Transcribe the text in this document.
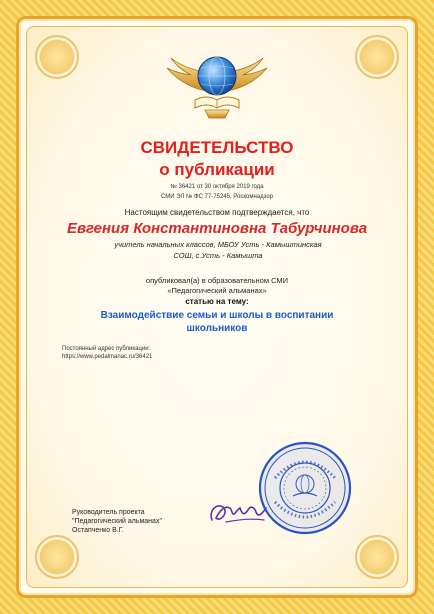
СВИДЕТЕЛЬСТВО
о публикации
№ 36421 от 30 октября 2019 года
СМИ ЭЛ № ФС 77-75245, Роскомнадзор
Настоящим свидетельством подтверждается, что
Евгения Константиновна Табурчинова
учитель начальных классов, МБОУ Усть - Камыштинская СОШ, с.Усть - Камышта
опубликовал(а) в образовательном СМИ
«Педагогический альманах»
статью на тему:
Взаимодействие семьи и школы в воспитании школьников
Постоянный адрес публикации:
https://www.pedalmanac.ru/36421
Руководитель проекта
"Педагогический альманах"
Остапченко В.Г.
